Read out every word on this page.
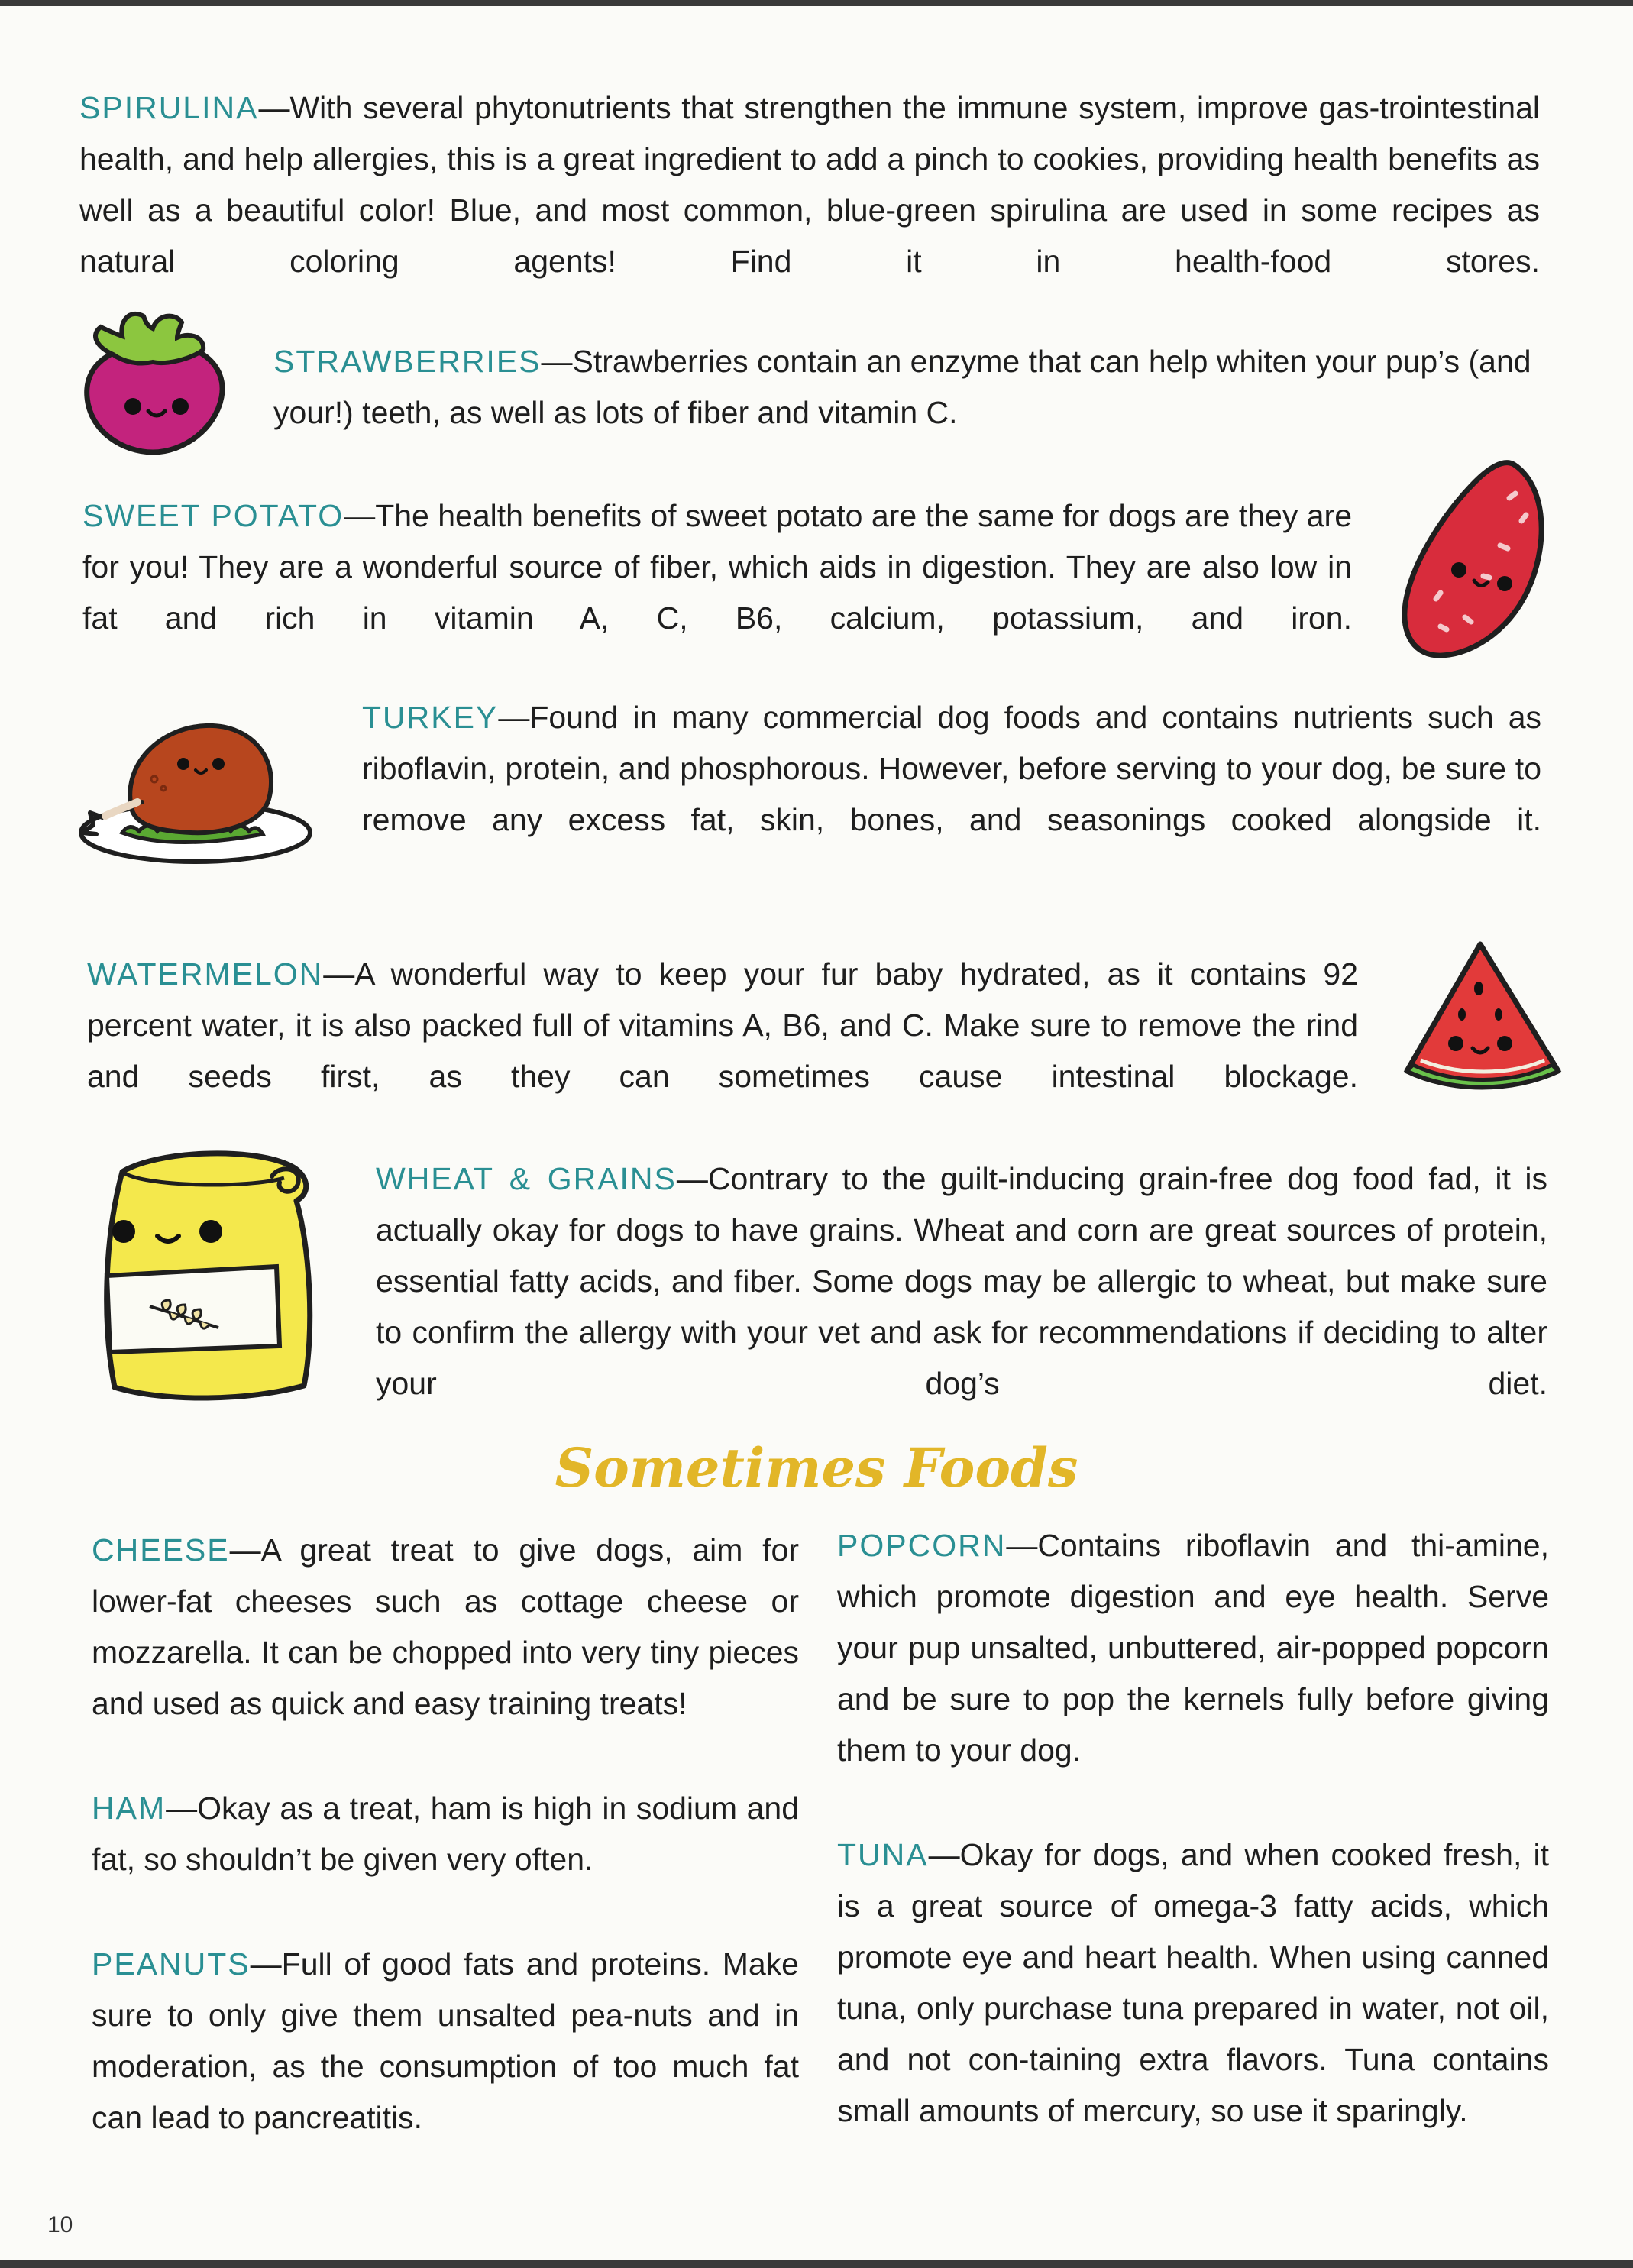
SPIRULINA—With several phytonutrients that strengthen the immune system, improve gas-trointestinal health, and help allergies, this is a great ingredient to add a pinch to cookies, providing health benefits as well as a beautiful color! Blue, and most common, blue-green spirulina are used in some recipes as natural coloring agents! Find it in health-food stores.
STRAWBERRIES—Strawberries contain an enzyme that can help whiten your pup’s (and your!) teeth, as well as lots of fiber and vitamin C.
SWEET POTATO—The health benefits of sweet potato are the same for dogs are they are for you! They are a wonderful source of fiber, which aids in digestion. They are also low in fat and rich in vitamin A, C, B6, calcium, potassium, and iron.
TURKEY—Found in many commercial dog foods and contains nutrients such as riboflavin, protein, and phosphorous. However, before serving to your dog, be sure to remove any excess fat, skin, bones, and seasonings cooked alongside it.
WATERMELON—A wonderful way to keep your fur baby hydrated, as it contains 92 percent water, it is also packed full of vitamins A, B6, and C. Make sure to remove the rind and seeds first, as they can sometimes cause intestinal blockage.
WHEAT & GRAINS—Contrary to the guilt-inducing grain-free dog food fad, it is actually okay for dogs to have grains. Wheat and corn are great sources of protein, essential fatty acids, and fiber. Some dogs may be allergic to wheat, but make sure to confirm the allergy with your vet and ask for recommendations if deciding to alter your dog’s diet.
Sometimes Foods
CHEESE—A great treat to give dogs, aim for lower-fat cheeses such as cottage cheese or mozzarella. It can be chopped into very tiny pieces and used as quick and easy training treats!
HAM—Okay as a treat, ham is high in sodium and fat, so shouldn’t be given very often.
PEANUTS—Full of good fats and proteins. Make sure to only give them unsalted pea-nuts and in moderation, as the consumption of too much fat can lead to pancreatitis.
POPCORN—Contains riboflavin and thi-amine, which promote digestion and eye health. Serve your pup unsalted, unbuttered, air-popped popcorn and be sure to pop the kernels fully before giving them to your dog.
TUNA—Okay for dogs, and when cooked fresh, it is a great source of omega-3 fatty acids, which promote eye and heart health. When using canned tuna, only purchase tuna prepared in water, not oil, and not con-taining extra flavors. Tuna contains small amounts of mercury, so use it sparingly.
10
